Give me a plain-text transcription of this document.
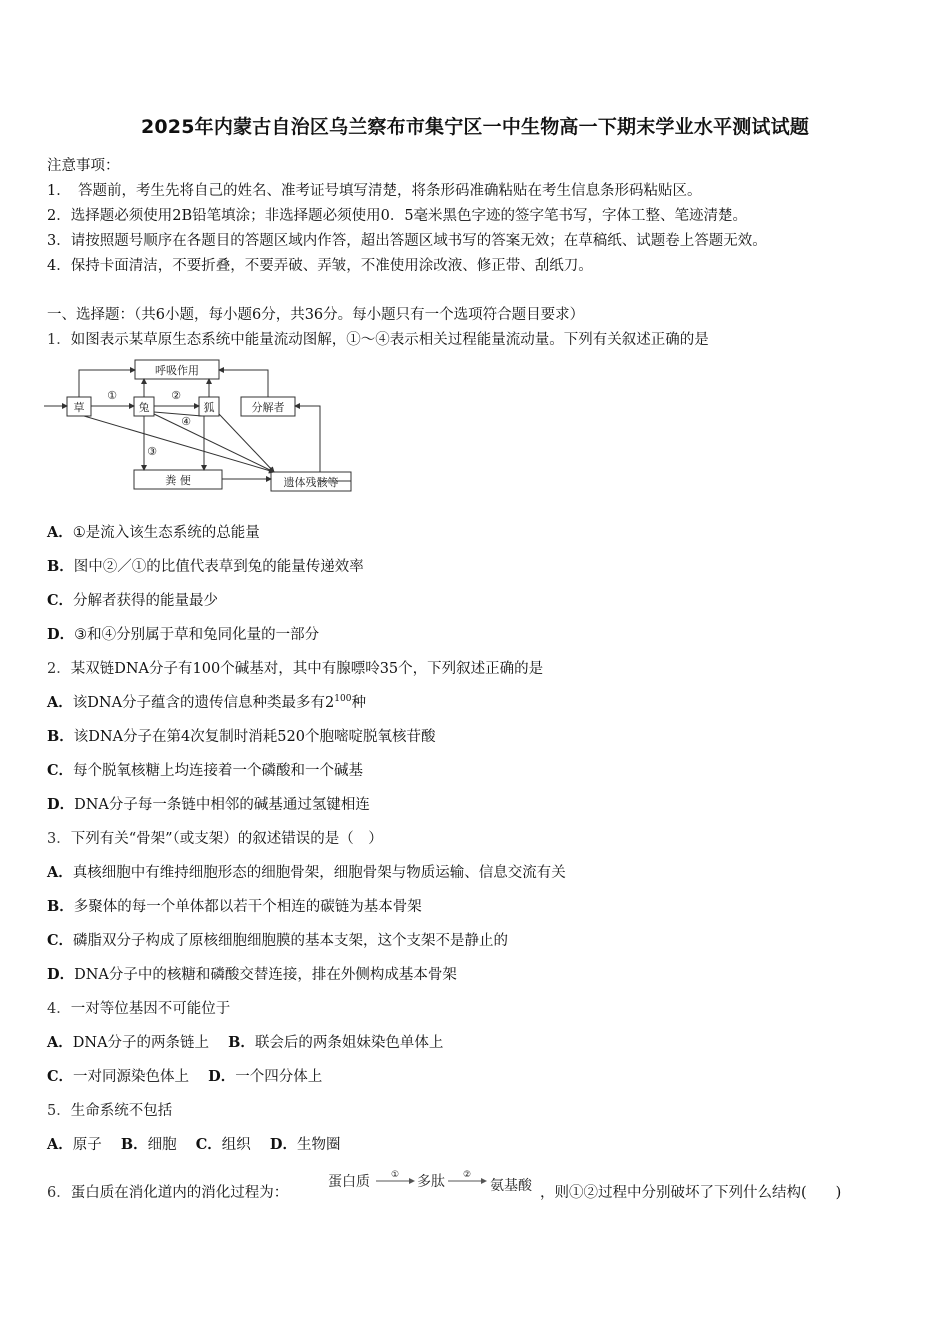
2025年内蒙古自治区乌兰察布市集宁区一中生物高一下期末学业水平测试试题
注意事项：
1．　答题前，考生先将自己的姓名、准考证号填写清楚，将条形码准确粘贴在考生信息条形码粘贴区。
2．选择题必须使用2B铅笔填涂；非选择题必须使用0．5毫米黑色字迹的签字笔书写，字体工整、笔迹清楚。
3．请按照题号顺序在各题目的答题区域内作答，超出答题区域书写的答案无效；在草稿纸、试题卷上答题无效。
4．保持卡面清洁，不要折叠，不要弄破、弄皱，不准使用涂改液、修正带、刮纸刀。
一、选择题：（共6小题，每小题6分，共36分。每小题只有一个选项符合题目要求）
1．如图表示某草原生态系统中能量流动图解，①～④表示相关过程能量流动量。下列有关叙述正确的是
呼吸作用
草	兔	狐	分解者
粪 便	遗体残骸等
①	②
③
④
A．①是流入该生态系统的总能量
B．图中②／①的比值代表草到兔的能量传递效率
C．分解者获得的能量最少
D．③和④分别属于草和兔同化量的一部分
2．某双链DNA分子有100个碱基对，其中有腺嘌呤35个，下列叙述正确的是
A．该DNA分子蕴含的遗传信息种类最多有$2^{100}$种
B．该DNA分子在第4次复制时消耗520个胞嘧啶脱氧核苷酸
C．每个脱氧核糖上均连接着一个磷酸和一个碱基
D．DNA分子每一条链中相邻的碱基通过氢键相连
3．下列有关“骨架”（或支架）的叙述错误的是（　）
A．真核细胞中有维持细胞形态的细胞骨架，细胞骨架与物质运输、信息交流有关
B．多聚体的每一个单体都以若干个相连的碳链为基本骨架
C．磷脂双分子构成了原核细胞细胞膜的基本支架，这个支架不是静止的
D．DNA分子中的核糖和磷酸交替连接，排在外侧构成基本骨架
4．一对等位基因不可能位于
A．DNA分子的两条链上　 B．联会后的两条姐妹染色单体上
C．一对同源染色体上　 D．一个四分体上
5．生命系统不包括
A．原子　 B．细胞　 C．组织　 D．生物圈
6．蛋白质在消化道内的消化过程为：
蛋白质 ① 多肽 ②
氨基酸 ，则①②过程中分别破坏了下列什么结构(　　)
